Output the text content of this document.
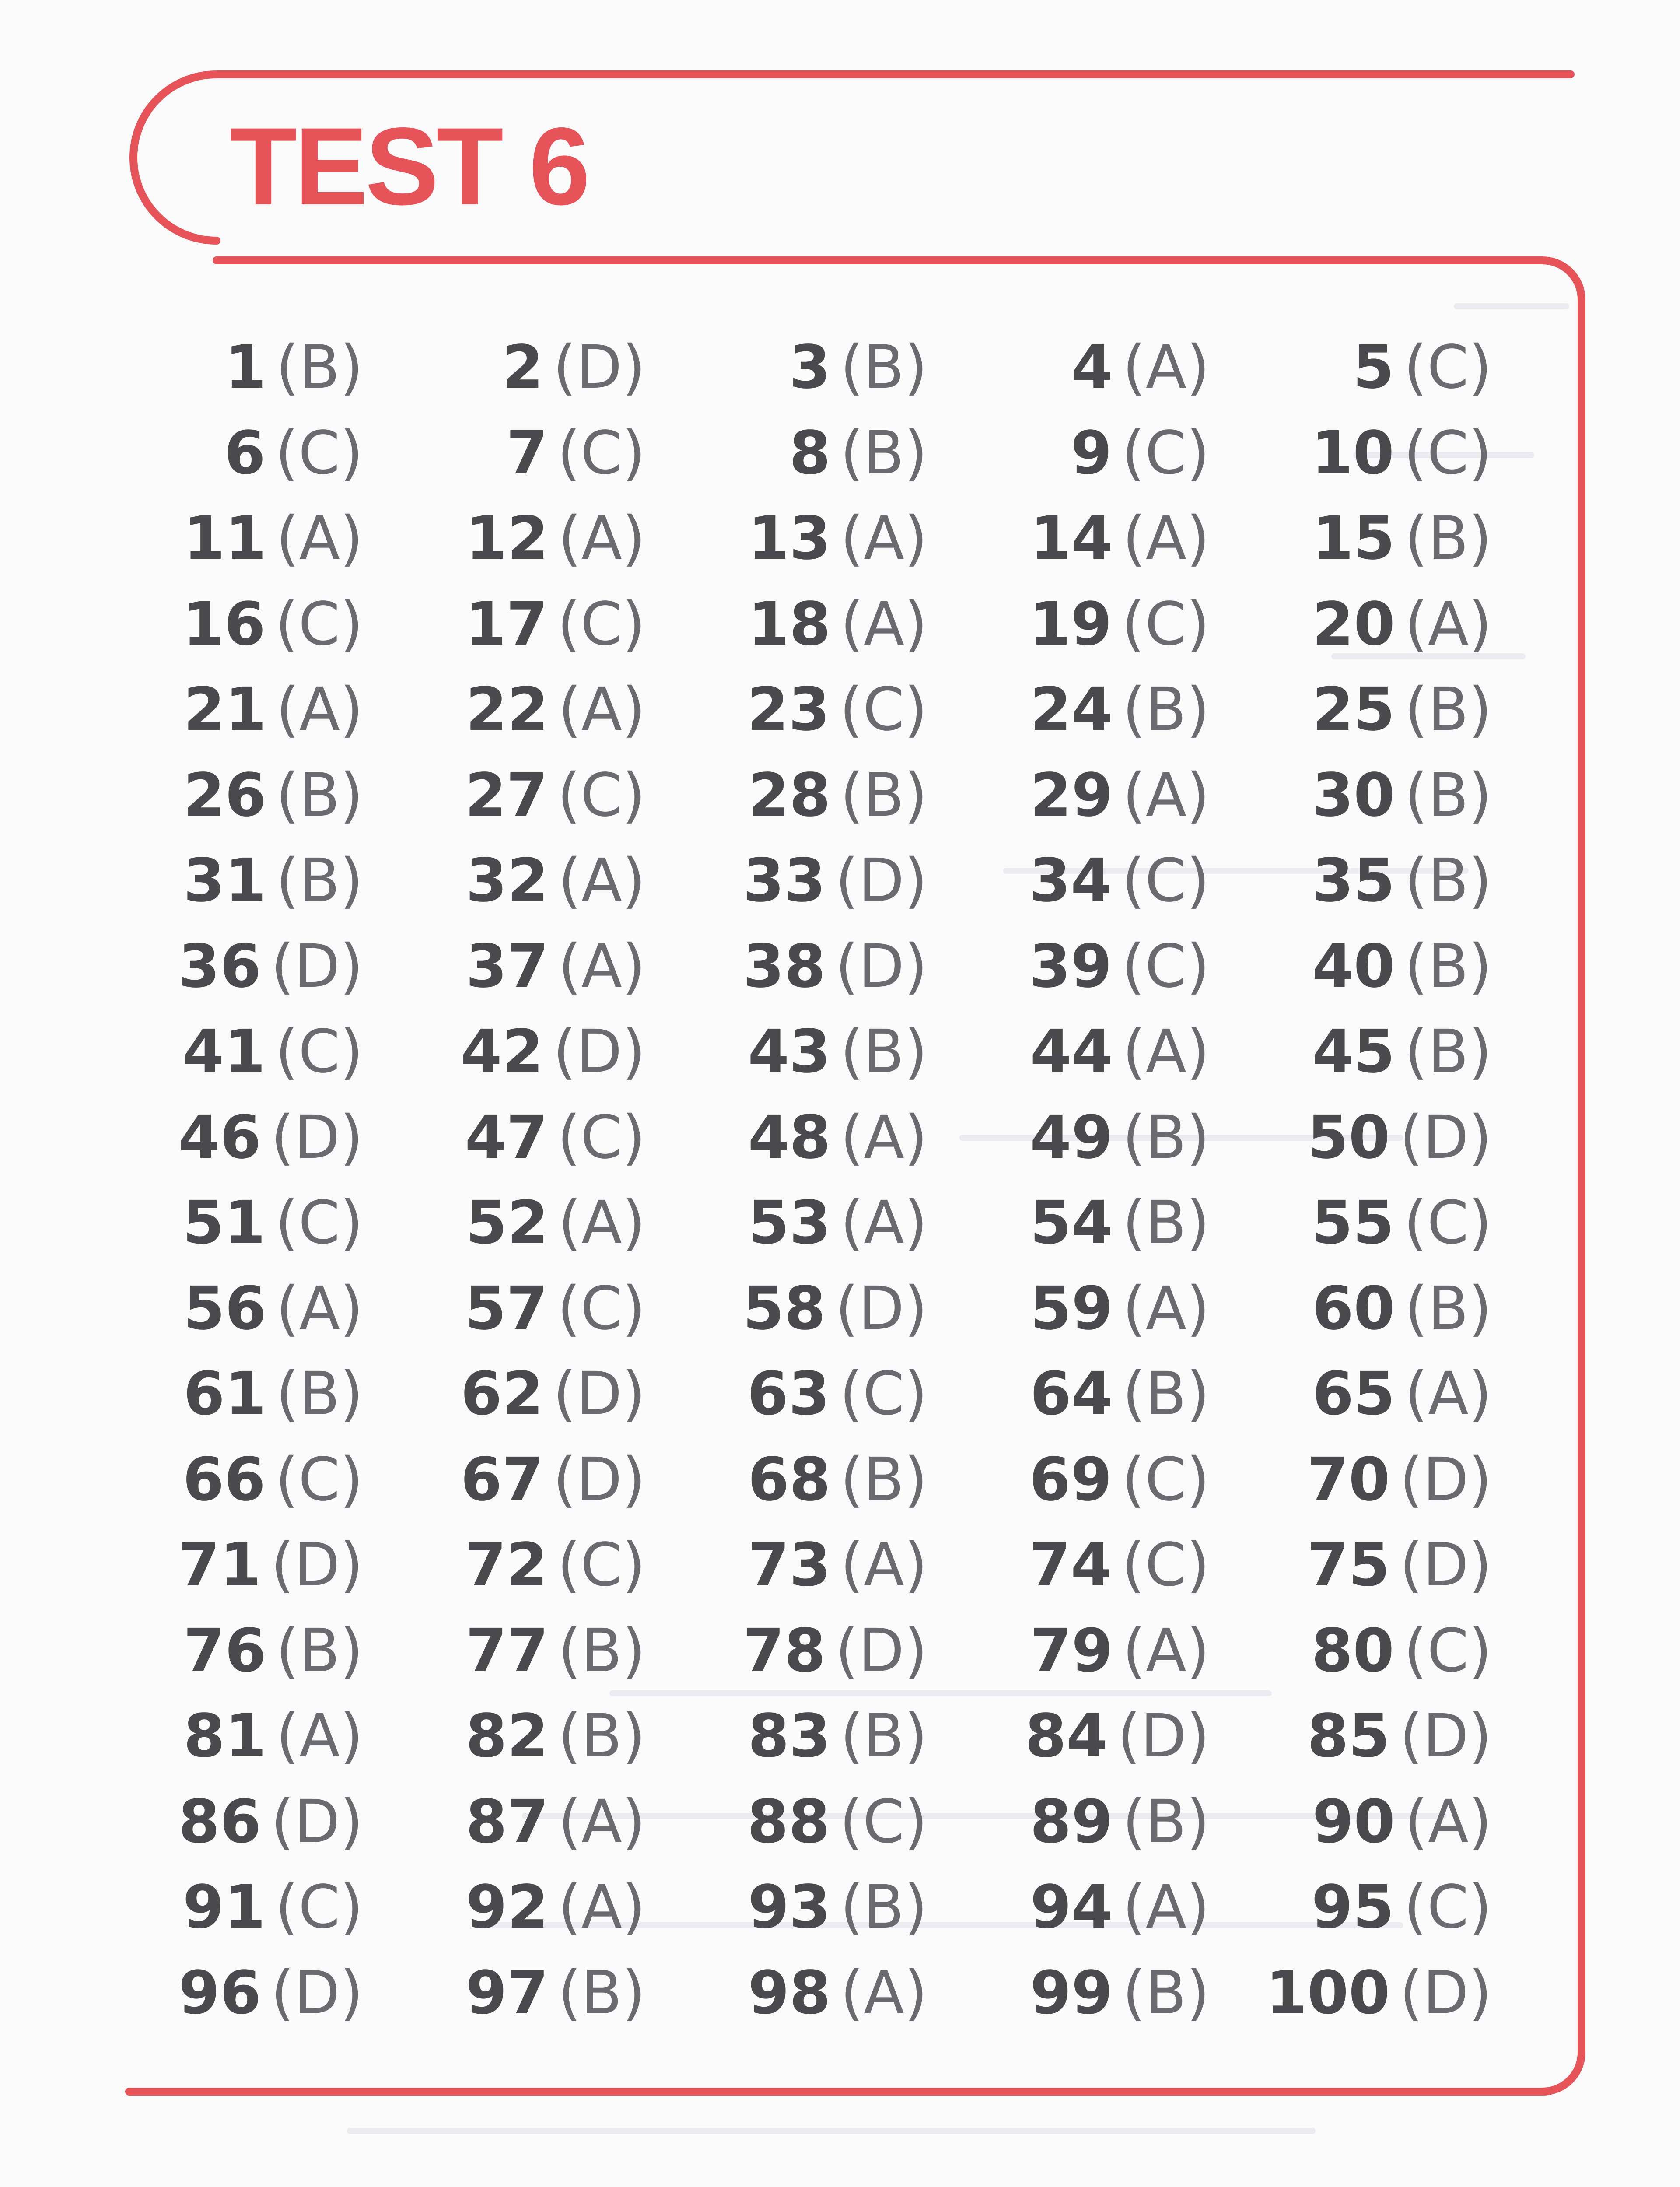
TEST 6
1 (B) 2 (D) 3 (B) 4 (A) 5 (C)
6 (C) 7 (C) 8 (B) 9 (C) 10 (C)
11 (A) 12 (A) 13 (A) 14 (A) 15 (B)
16 (C) 17 (C) 18 (A) 19 (C) 20 (A)
21 (A) 22 (A) 23 (C) 24 (B) 25 (B)
26 (B) 27 (C) 28 (B) 29 (A) 30 (B)
31 (B) 32 (A) 33 (D) 34 (C) 35 (B)
36 (D) 37 (A) 38 (D) 39 (C) 40 (B)
41 (C) 42 (D) 43 (B) 44 (A) 45 (B)
46 (D) 47 (C) 48 (A) 49 (B) 50 (D)
51 (C) 52 (A) 53 (A) 54 (B) 55 (C)
56 (A) 57 (C) 58 (D) 59 (A) 60 (B)
61 (B) 62 (D) 63 (C) 64 (B) 65 (A)
66 (C) 67 (D) 68 (B) 69 (C) 70 (D)
71 (D) 72 (C) 73 (A) 74 (C) 75 (D)
76 (B) 77 (B) 78 (D) 79 (A) 80 (C)
81 (A) 82 (B) 83 (B) 84 (D) 85 (D)
86 (D) 87 (A) 88 (C) 89 (B) 90 (A)
91 (C) 92 (A) 93 (B) 94 (A) 95 (C)
96 (D) 97 (B) 98 (A) 99 (B) 100 (D)
